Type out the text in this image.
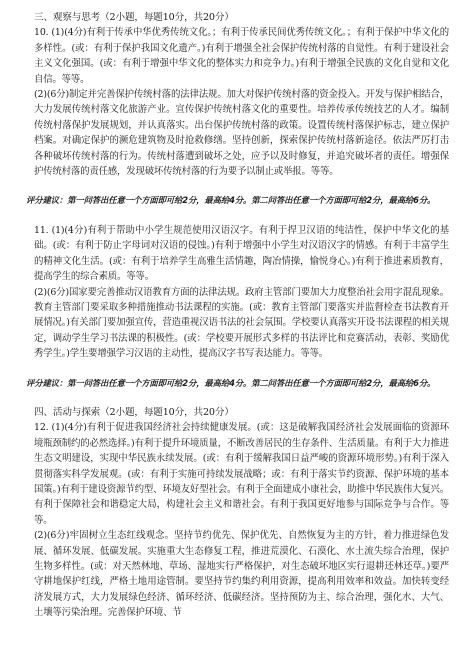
三、观察与思考（2小题，每题10分，共20分）

10. (1)(4分)有利于传承中华优秀传统文化。；有利于传承民间优秀传统文化。；有利于保护中华文化的多样性。(或：有利于保护我国文化遗产。)有利于增强全社会保护传统村落的自觉性。有利于建设社会主义文化强国。(或：有利于增强中华文化的整体实力和竞争力。)有利于增强全民族的文化自觉和文化自信。等等。

(2)(6分)制定并完善保护传统村落的法律法规。加大对保护传统村落的资金投入。开发与保护相结合，大力发展传统村落文化旅游产业。宣传保护传统村落文化的重要性。培养传承传统技艺的人才。编制传统村落保护发展规划，并认真落实。出台保护传统村落的政策。设置传统村落保护标志，建立保护档案。对确定保护的濒危建筑物及时抢救修缮。坚持创新，探索保护传统村落新途径。依法严厉打击各种破坏传统村落的行为。传统村落遭到破坏之处，应予以及时修复，并追究破坏者的责任。增强保护传统村落的责任感，发现破坏传统村落的行为要予以制止或举报。等等。

评分建议：第一问答出任意一个方面即可给2分，最高给4分。第二问答出任意一个方面即可给2分，最高给6分。

11. (1)(4分)有利于帮助中小学生规范使用汉语汉字。有利于捍卫汉语的纯洁性，保护中华文化的基础。(或：有利于防止字母词对汉语的侵蚀。)有利于增强中小学生对汉语汉字的情感。有利于丰富学生的精神文化生活。(或：有利于培养学生高雅生活情趣，陶冶情操，愉悦身心。)有利于推进素质教育，提高学生的综合素质。等等。

(2)(6分)国家要完善推动汉语教育方面的法律法规。政府主管部门要加大力度整治社会用字混乱现象。教育主管部门要采取多种措施推动书法课程的实施。(或：教育主管部门要落实并监督检查书法教育开展情况。)有关部门要加强宣传，营造重视汉语书法的社会氛围。学校要认真落实开设书法课程的相关规定，调动学生学习书法课的积极性。(或：学校要开展形式多样的书法评比和竞赛活动，表彰、奖励优秀学生。)学生要增强学习汉语的主动性，提高汉字书写表达能力。等等。

评分建议：第一问答出任意一个方面即可给2分，最高给4分。第二问答出任意一个方面即可给2分，最高给6分。

四、活动与探索（2小题，每题10分，共20分）

12. (1)(4分)有利于促进我国经济社会持续健康发展。(或：这是破解我国经济社会发展面临的资源环境瓶颈制约的必然选择。)有利于提升环境质量，不断改善居民的生存条件、生活质量。有利于大力推进生态文明建设，实现中华民族永续发展。(或：有利于缓解我国日益严峻的资源环境形势。)有利于深入贯彻落实科学发展观。(或：有利于实施可持续发展战略；或：有利于落实节约资源、保护环境的基本国策。)有利于建设资源节约型、环境友好型社会。有利于全面建成小康社会，助推中华民族伟大复兴。有利于保障社会和谐稳定大局，构建社会主义和谐社会。有利于我国更好地参与国际竞争与合作。等等。

(2)(6分)牢固树立生态红线观念。坚持节约优先、保护优先、自然恢复为主的方针，着力推进绿色发展、循环发展、低碳发展。实施重大生态修复工程，推进荒漠化、石漠化、水土流失综合治理，保护生物多样性。(或：对天然林地、草场、湿地实行严格保护，对生态破坏地区实行退耕还林还草。)要严守耕地保护红线，严格土地用途管制。要坚持节约集约利用资源，提高利用效率和效益。加快转变经济发展方式，大力发展绿色经济、循环经济、低碳经济。坚持预防为主、综合治理，强化水、大气、土壤等污染治理。完善保护环境、节
